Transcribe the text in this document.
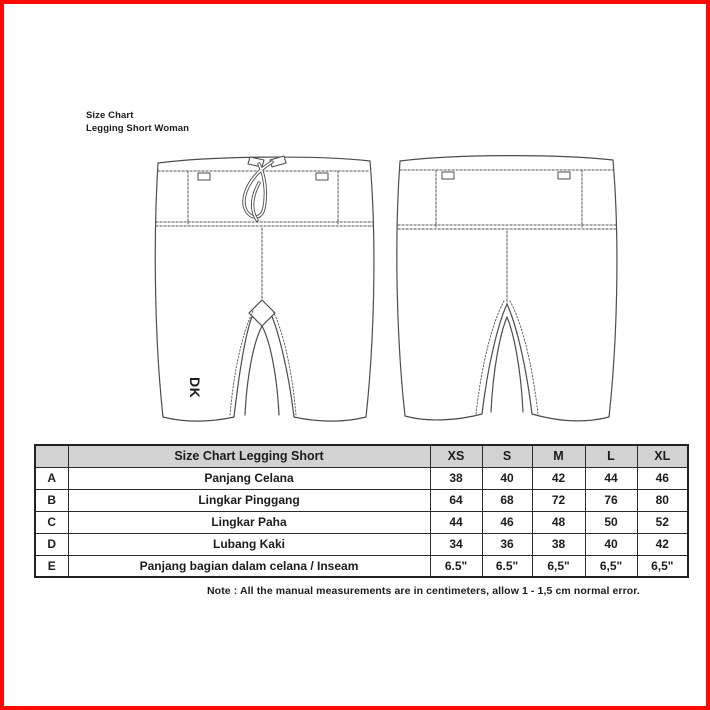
Size Chart
Legging Short Woman
DK
	Size Chart Legging Short	XS	S	M	L	XL
A	Panjang Celana	38	40	42	44	46
B	Lingkar Pinggang	64	68	72	76	80
C	Lingkar Paha	44	46	48	50	52
D	Lubang Kaki	34	36	38	40	42
E	Panjang bagian dalam celana / Inseam	6.5"	6.5"	6,5"	6,5"	6,5"
Note : All the manual measurements are in centimeters, allow 1 - 1,5 cm normal error.
